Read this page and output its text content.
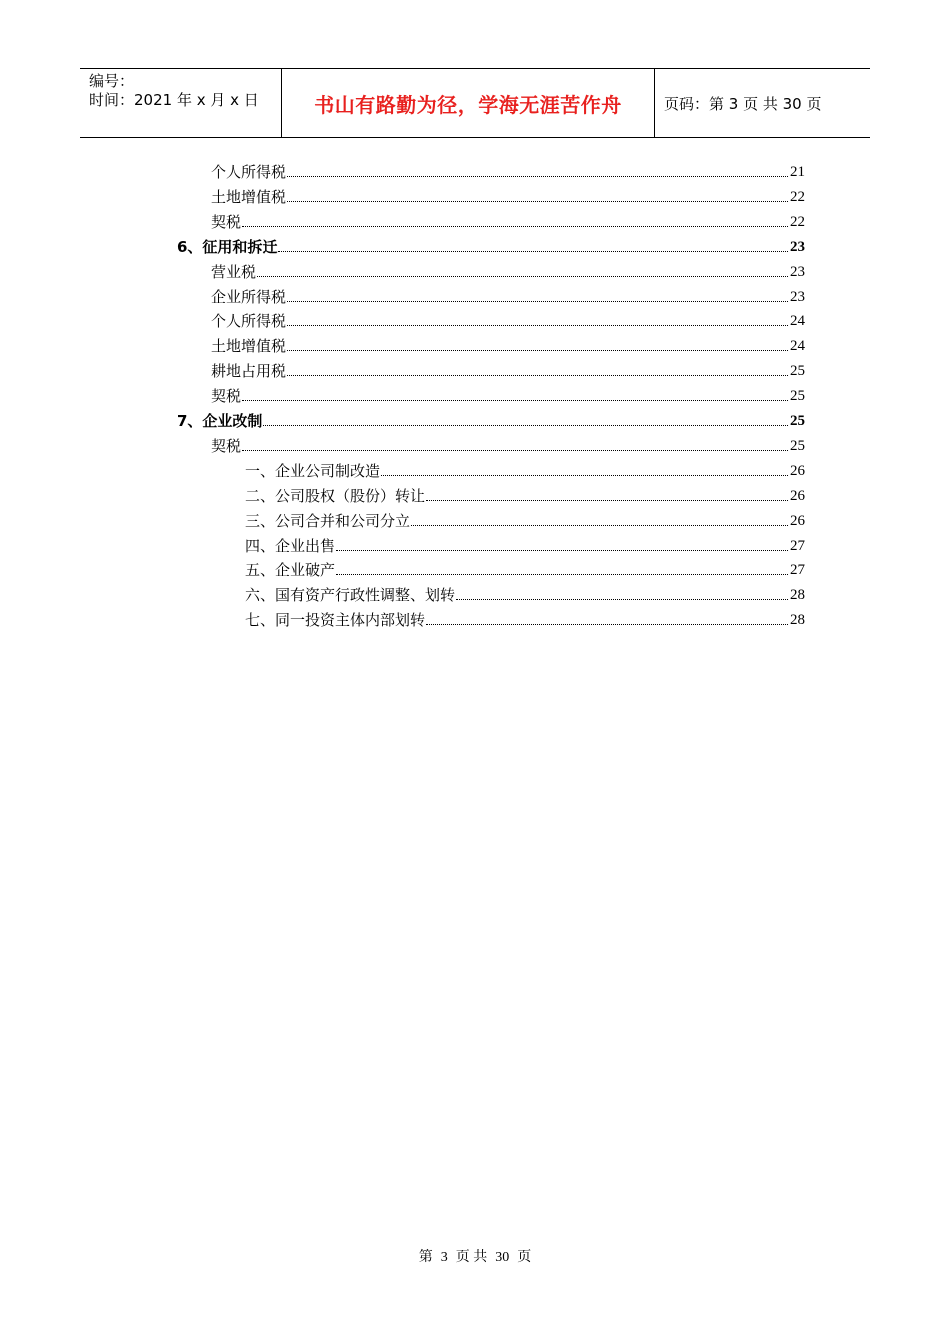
编号：
时间：2021 年 x 月 x 日	书山有路勤为径，学海无涯苦作舟	页码：第 3 页 共 30 页
个人所得税	21
土地增值税	22
契税	22
6、征用和拆迁	23
营业税	23
企业所得税	23
个人所得税	24
土地增值税	24
耕地占用税	25
契税	25
7、企业改制	25
契税	25
一、企业公司制改造	26
二、公司股权（股份）转让	26
三、公司合并和公司分立	26
四、企业出售	27
五、企业破产	27
六、国有资产行政性调整、划转	28
七、同一投资主体内部划转	28
第 3 页 共 30 页
